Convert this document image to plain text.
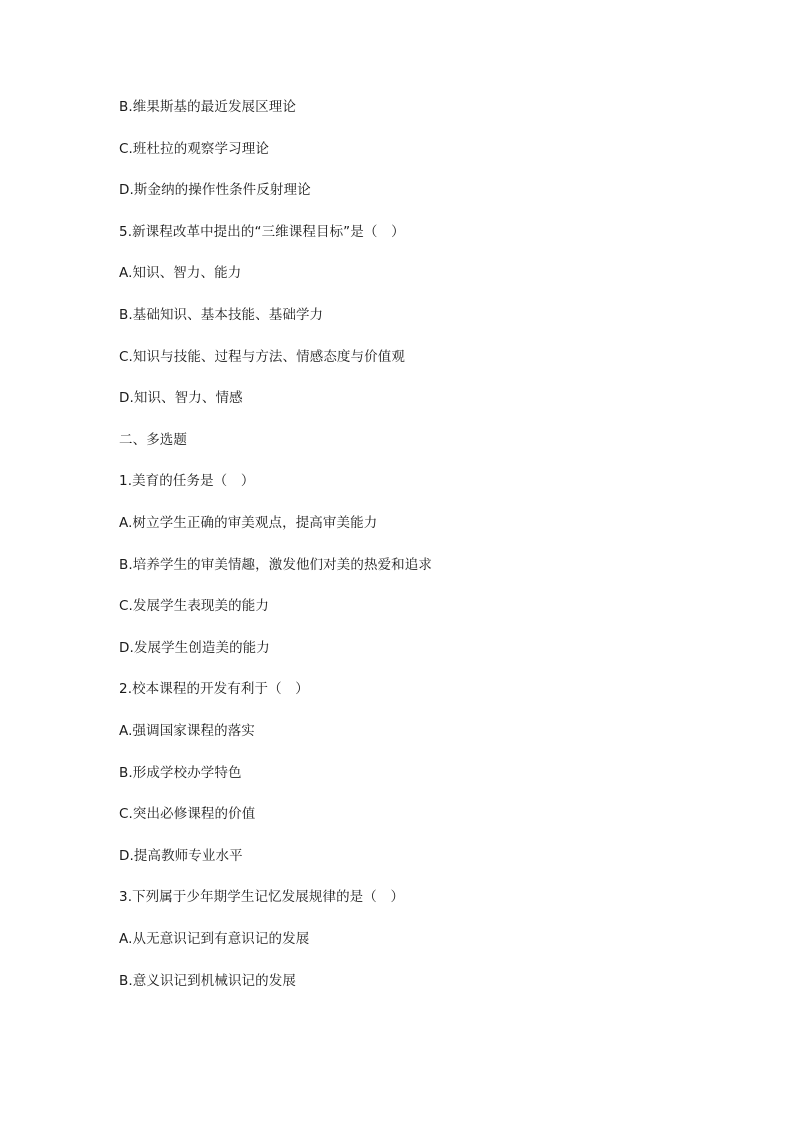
B.维果斯基的最近发展区理论
C.班杜拉的观察学习理论
D.斯金纳的操作性条件反射理论
5.新课程改革中提出的“三维课程目标”是（　）
A.知识、智力、能力
B.基础知识、基本技能、基础学力
C.知识与技能、过程与方法、情感态度与价值观
D.知识、智力、情感
二、多选题
1.美育的任务是（　）
A.树立学生正确的审美观点，提高审美能力
B.培养学生的审美情趣，激发他们对美的热爱和追求
C.发展学生表现美的能力
D.发展学生创造美的能力
2.校本课程的开发有利于（　）
A.强调国家课程的落实
B.形成学校办学特色
C.突出必修课程的价值
D.提高教师专业水平
3.下列属于少年期学生记忆发展规律的是（　）
A.从无意识记到有意识记的发展
B.意义识记到机械识记的发展
